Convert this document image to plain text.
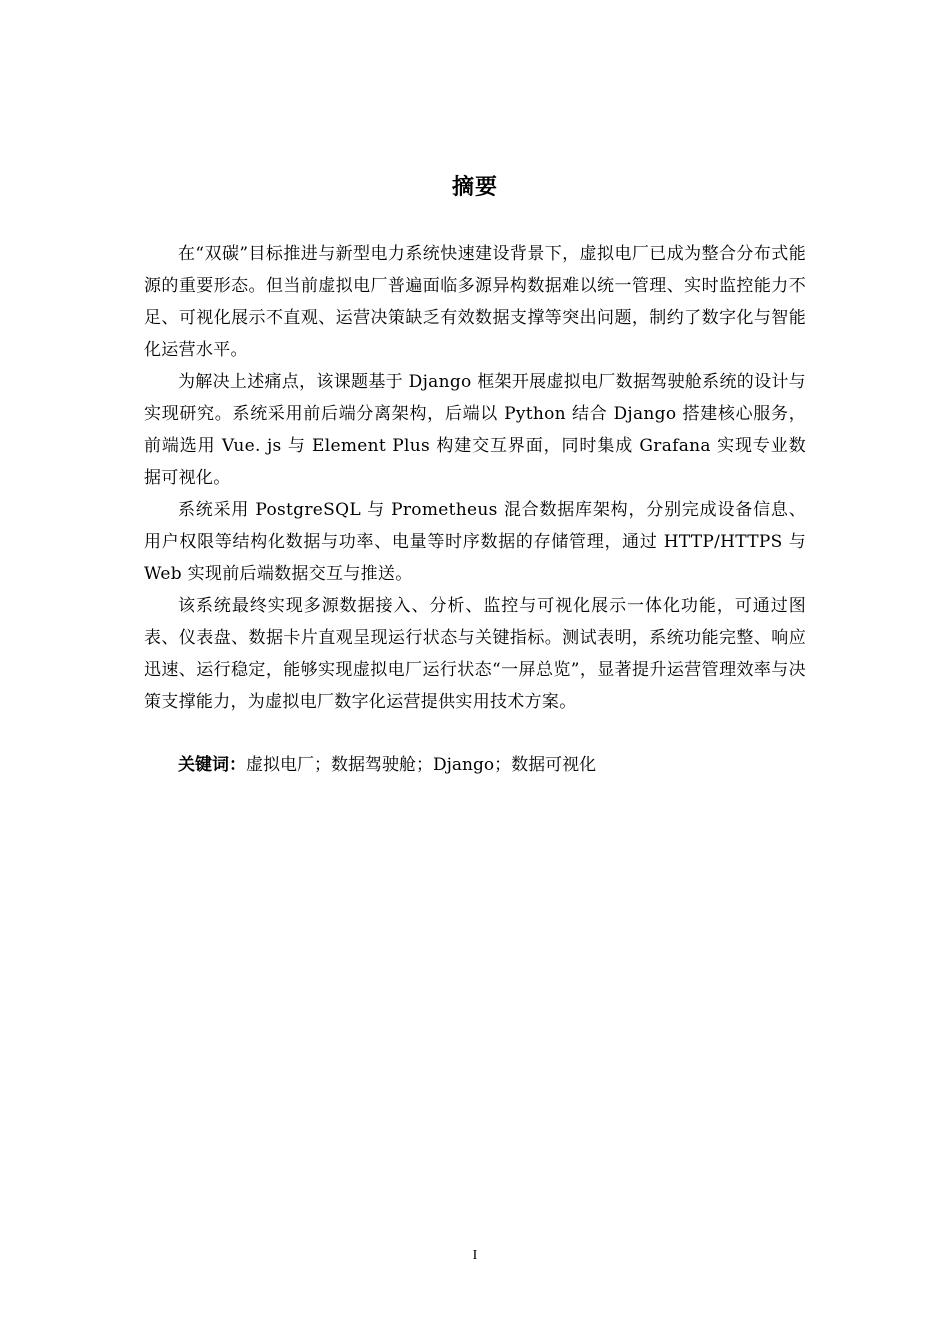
摘要

在“双碳”目标推进与新型电力系统快速建设背景下，虚拟电厂已成为整合分布式能源的重要形态。但当前虚拟电厂普遍面临多源异构数据难以统一管理、实时监控能力不足、可视化展示不直观、运营决策缺乏有效数据支撑等突出问题，制约了数字化与智能化运营水平。

为解决上述痛点，该课题基于 Django 框架开展虚拟电厂数据驾驶舱系统的设计与实现研究。系统采用前后端分离架构，后端以 Python 结合 Django 搭建核心服务，前端选用 Vue. js 与 Element Plus 构建交互界面，同时集成 Grafana 实现专业数据可视化。

系统采用 PostgreSQL 与 Prometheus 混合数据库架构，分别完成设备信息、用户权限等结构化数据与功率、电量等时序数据的存储管理，通过 HTTP/HTTPS 与 Web 实现前后端数据交互与推送。

该系统最终实现多源数据接入、分析、监控与可视化展示一体化功能，可通过图表、仪表盘、数据卡片直观呈现运行状态与关键指标。测试表明，系统功能完整、响应迅速、运行稳定，能够实现虚拟电厂运行状态“一屏总览”，显著提升运营管理效率与决策支撑能力，为虚拟电厂数字化运营提供实用技术方案。

关键词：虚拟电厂；数据驾驶舱；Django；数据可视化
I
